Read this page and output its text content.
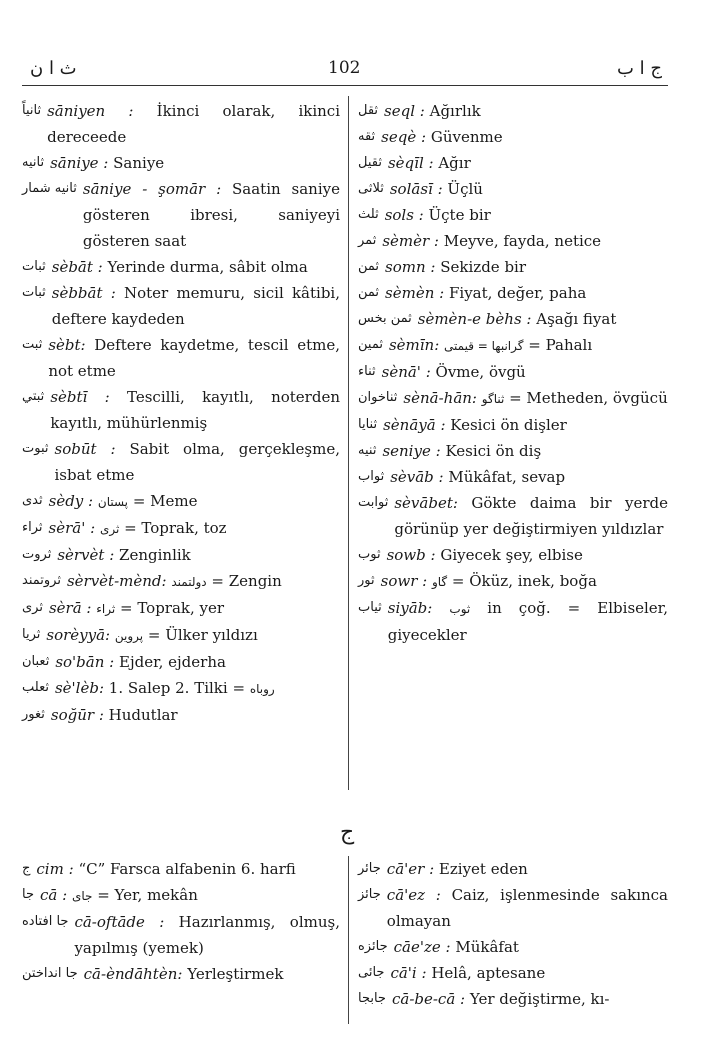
ث ا ن	102	ج ا ب
ثانياً sāniyen : İkinci olarak, ikinci dereceede
ثانيه sāniye : Saniye
ثانيه شمار sāniye - şomār : Saatin saniye gösteren ibresi, saniyeyi gösteren saat
ثبات sèbāt : Yerinde durma, sâbit olma
ثبات sèbbāt : Noter memuru, sicil kâtibi, deftere kaydeden
ثبت sèbt: Deftere kaydetme, tescil etme, not etme
ثبتي sèbtī : Tescilli, kayıtlı, noterden kayıtlı, mühürlenmiş
ثبوت sobūt : Sabit olma, gerçekleşme, isbat etme
ثدى sèdy : پستان = Meme
ثراء sèrā' : ثرى = Toprak, toz
ثروت sèrvèt : Zenginlik
ثروتمند sèrvèt-mènd: دولتمند = Zengin
ثرى sèrā : ثراء = Toprak, yer
ثريا sorèyyā: پروين = Ülker yıldızı
ثعبان so'bān : Ejder, ejderha
ثعلب sè'lèb: 1. Salep 2. Tilki = روباه
ثغور soğūr : Hudutlar
ثقل seql : Ağırlık
ثقه seqè : Güvenme
ثقيل sèqīl : Ağır
ثلاثى solāsī : Üçlü
ثلث sols : Üçte bir
ثمر sèmèr : Meyve, fayda, netice
ثمن somn : Sekizde bir
ثمن sèmèn : Fiyat, değer, paha
ثمن بخس sèmèn-e bèhs : Aşağı fiyat
ثمين sèmīn: گرانبها = قيمتى = Pahalı
ثناء sènā' : Övme, övgü
ثناخوان sènā-hān: ثناگو = Metheden, övgücü
ثنايا sènāyā : Kesici ön dişler
ثنيه seniye : Kesici ön diş
ثواب sèvāb : Mükâfat, sevap
ثوابت sèvābet: Gökte daima bir yerde görünüp yer değiştirmiyen yıldızlar
ثوب sowb : Giyecek şey, elbise
ثور sowr : گاو = Öküz, inek, boğa
ثياب siyāb: ثوب in çoğ. = Elbiseler, giyecekler
ج
ج cim : “C” Farsca alfabenin 6. harfi
جا cā : جاى = Yer, mekân
جا افتاده cā-oftāde : Hazırlanmış, olmuş, yapılmış (yemek)
جا انداختن cā-èndāhtèn: Yerleştirmek
جائر cā'er : Eziyet eden
جائز cā'ez : Caiz, işlenmesinde sakınca olmayan
جائزه cāe'ze : Mükâfat
جائى cā'i : Helâ, aptesane
جابجا cā-be-cā : Yer değiştirme, kı-
